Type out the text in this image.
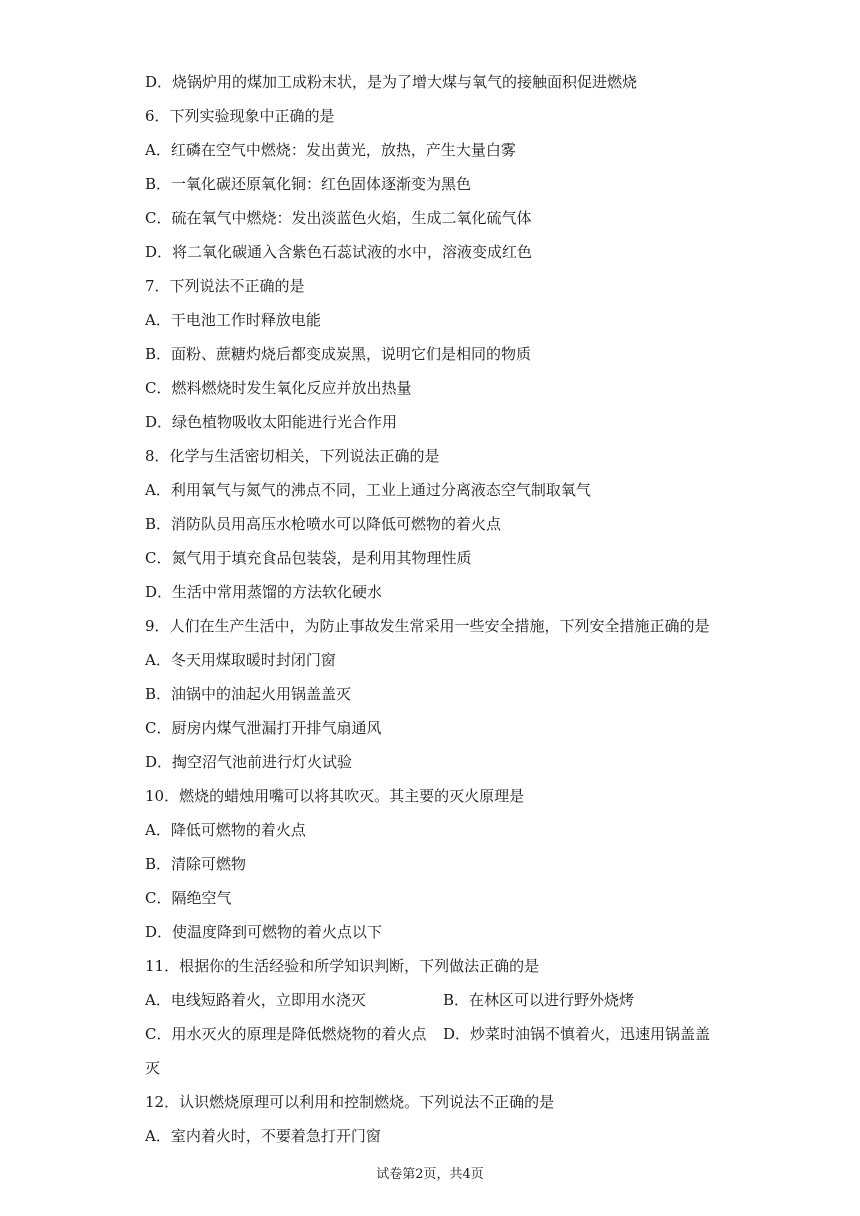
D．烧锅炉用的煤加工成粉末状，是为了增大煤与氧气的接触面积促进燃烧
6．下列实验现象中正确的是
A．红磷在空气中燃烧：发出黄光，放热，产生大量白雾
B．一氧化碳还原氧化铜：红色固体逐渐变为黑色
C．硫在氧气中燃烧：发出淡蓝色火焰，生成二氧化硫气体
D．将二氧化碳通入含紫色石蕊试液的水中，溶液变成红色
7．下列说法不正确的是
A．干电池工作时释放电能
B．面粉、蔗糖灼烧后都变成炭黑，说明它们是相同的物质
C．燃料燃烧时发生氧化反应并放出热量
D．绿色植物吸收太阳能进行光合作用
8．化学与生活密切相关，下列说法正确的是
A．利用氧气与氮气的沸点不同，工业上通过分离液态空气制取氧气
B．消防队员用高压水枪喷水可以降低可燃物的着火点
C．氮气用于填充食品包装袋，是利用其物理性质
D．生活中常用蒸馏的方法软化硬水
9．人们在生产生活中，为防止事故发生常采用一些安全措施，下列安全措施正确的是
A．冬天用煤取暖时封闭门窗
B．油锅中的油起火用锅盖盖灭
C．厨房内煤气泄漏打开排气扇通风
D．掏空沼气池前进行灯火试验
10．燃烧的蜡烛用嘴可以将其吹灭。其主要的灭火原理是
A．降低可燃物的着火点
B．清除可燃物
C．隔绝空气
D．使温度降到可燃物的着火点以下
11．根据你的生活经验和所学知识判断，下列做法正确的是
A．电线短路着火，立即用水浇灭	B．在林区可以进行野外烧烤
C．用水灭火的原理是降低燃烧物的着火点 D．炒菜时油锅不慎着火，迅速用锅盖盖
灭
12．认识燃烧原理可以利用和控制燃烧。下列说法不正确的是
A．室内着火时，不要着急打开门窗
试卷第2页，共4页
